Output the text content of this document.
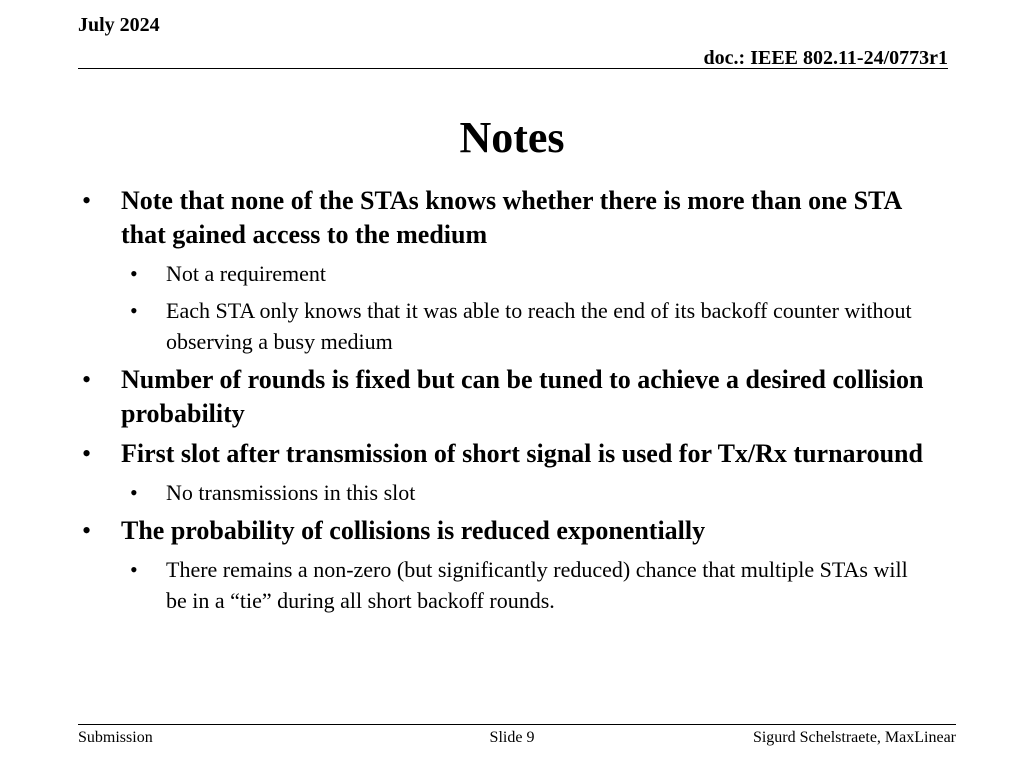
July 2024
doc.: IEEE 802.11-24/0773r1
Notes
• Note that none of the STAs knows whether there is more than one STA that gained access to the medium
• Not a requirement
• Each STA only knows that it was able to reach the end of its backoff counter without observing a busy medium
• Number of rounds is fixed but can be tuned to achieve a desired collision probability
• First slot after transmission of short signal is used for Tx/Rx turnaround
• No transmissions in this slot
• The probability of collisions is reduced exponentially
• There remains a non-zero (but significantly reduced) chance that multiple STAs will be in a “tie” during all short backoff rounds.
Submission	Slide 9	Sigurd Schelstraete, MaxLinear
